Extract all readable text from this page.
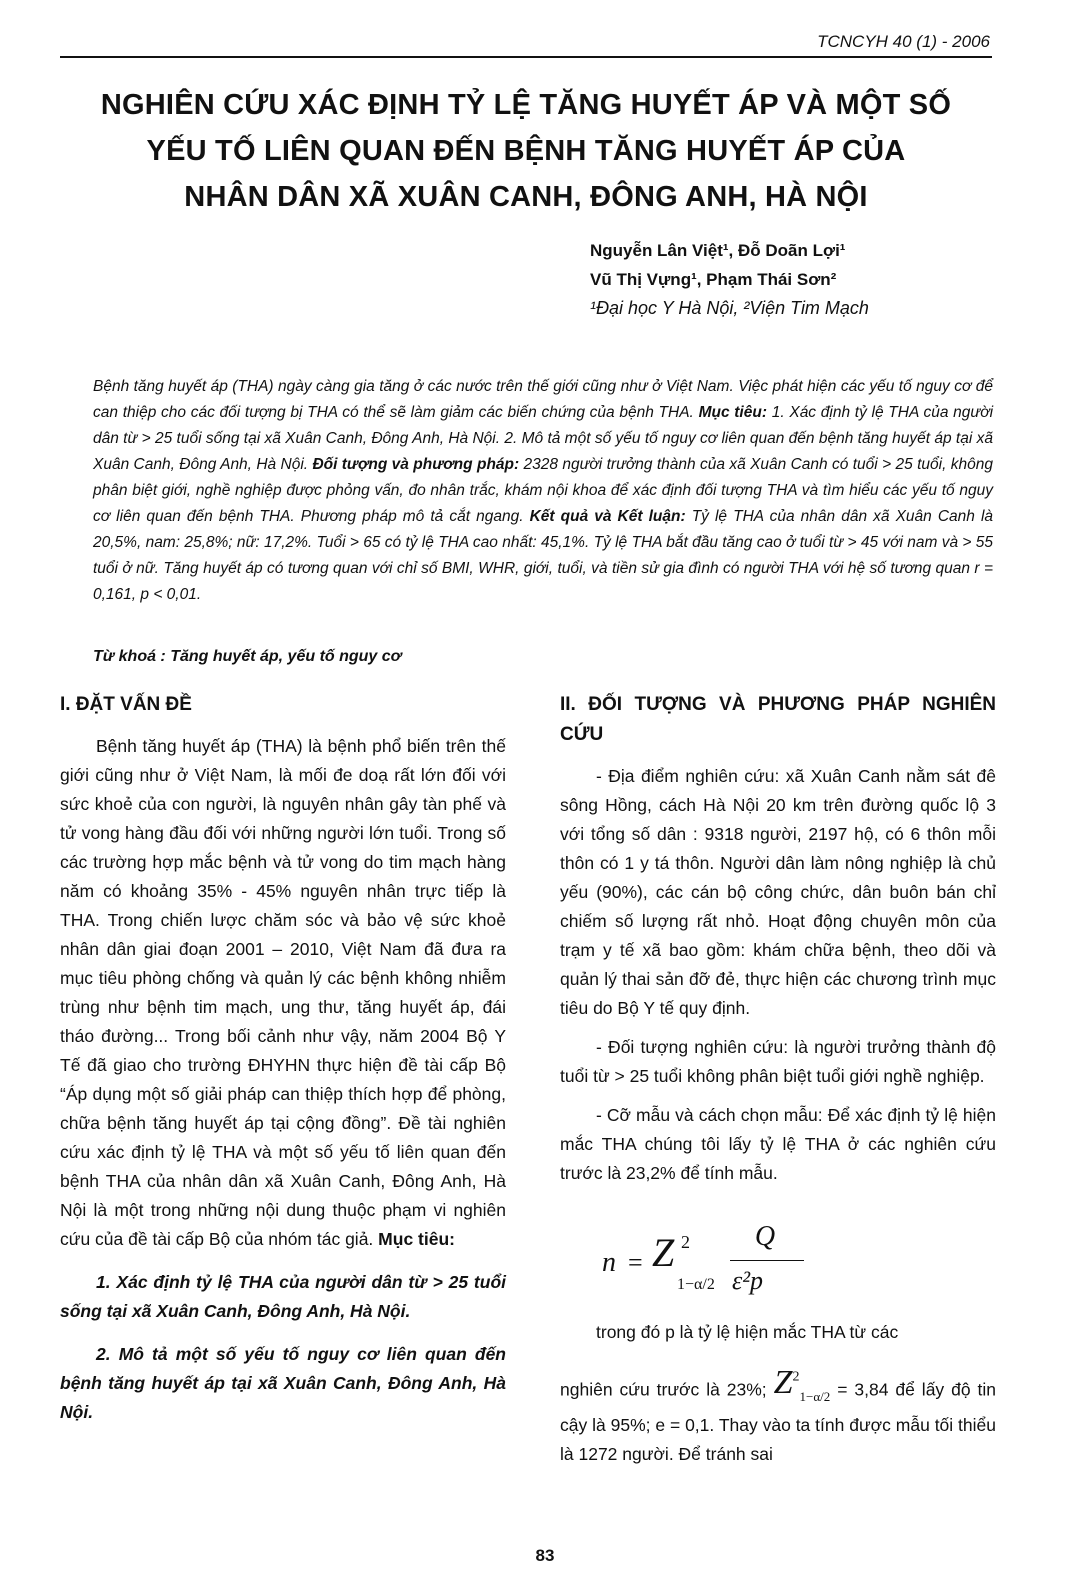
TCNCYH 40 (1) - 2006
NGHIÊN CỨU XÁC ĐỊNH TỶ LỆ TĂNG HUYẾT ÁP VÀ MỘT SỐ
YẾU TỐ LIÊN QUAN ĐẾN BỆNH TĂNG HUYẾT ÁP CỦA
NHÂN DÂN XÃ XUÂN CANH, ĐÔNG ANH, HÀ NỘI
Nguyễn Lân Việt¹, Đỗ Doãn Lợi¹
Vũ Thị Vựng¹, Phạm Thái Sơn²
¹Đại học Y Hà Nội, ²Viện Tim Mạch
Bệnh tăng huyết áp (THA) ngày càng gia tăng ở các nước trên thế giới cũng như ở Việt Nam. Việc phát hiện các yếu tố nguy cơ để can thiệp cho các đối tượng bị THA có thể sẽ làm giảm các biến chứng của bệnh THA. Mục tiêu: 1. Xác định tỷ lệ THA của người dân từ > 25 tuổi sống tại xã Xuân Canh, Đông Anh, Hà Nội. 2. Mô tả một số yếu tố nguy cơ liên quan đến bệnh tăng huyết áp tại xã Xuân Canh, Đông Anh, Hà Nội. Đối tượng và phương pháp: 2328 người trưởng thành của xã Xuân Canh có tuổi > 25 tuổi, không phân biệt giới, nghề nghiệp được phỏng vấn, đo nhân trắc, khám nội khoa để xác định đối tượng THA và tìm hiểu các yếu tố nguy cơ liên quan đến bệnh THA. Phương pháp mô tả cắt ngang. Kết quả và Kết luận: Tỷ lệ THA của nhân dân xã Xuân Canh là 20,5%, nam: 25,8%; nữ: 17,2%. Tuổi > 65 có tỷ lệ THA cao nhất: 45,1%. Tỷ lệ THA bắt đầu tăng cao ở tuổi từ > 45 với nam và > 55 tuổi ở nữ. Tăng huyết áp có tương quan với chỉ số BMI, WHR, giới, tuổi, và tiền sử gia đình có người THA với hệ số tương quan r = 0,161, p < 0,01.
Từ khoá : Tăng huyết áp, yếu tố nguy cơ
I. ĐẶT VẤN ĐỀ

Bệnh tăng huyết áp (THA) là bệnh phổ biến trên thế giới cũng như ở Việt Nam, là mối đe doạ rất lớn đối với sức khoẻ của con người, là nguyên nhân gây tàn phế và tử vong hàng đầu đối với những người lớn tuổi. Trong số các trường hợp mắc bệnh và tử vong do tim mạch hàng năm có khoảng 35% - 45% nguyên nhân trực tiếp là THA. Trong chiến lược chăm sóc và bảo vệ sức khoẻ nhân dân giai đoạn 2001 – 2010, Việt Nam đã đưa ra mục tiêu phòng chống và quản lý các bệnh không nhiễm trùng như bệnh tim mạch, ung thư, tăng huyết áp, đái tháo đường... Trong bối cảnh như vậy, năm 2004 Bộ Y Tế đã giao cho trường ĐHYHN thực hiện đề tài cấp Bộ “Áp dụng một số giải pháp can thiệp thích hợp để phòng, chữa bệnh tăng huyết áp tại cộng đồng”. Đề tài nghiên cứu xác định tỷ lệ THA và một số yếu tố liên quan đến bệnh THA của nhân dân xã Xuân Canh, Đông Anh, Hà Nội là một trong những nội dung thuộc phạm vi nghiên cứu của đề tài cấp Bộ của nhóm tác giả. Mục tiêu:

1. Xác định tỷ lệ THA của người dân từ > 25 tuổi sống tại xã Xuân Canh, Đông Anh, Hà Nội.

2. Mô tả một số yếu tố nguy cơ liên quan đến bệnh tăng huyết áp tại xã Xuân Canh, Đông Anh, Hà Nội.

II. ĐỐI TƯỢNG VÀ PHƯƠNG PHÁP NGHIÊN CỨU

- Địa điểm nghiên cứu: xã Xuân Canh nằm sát đê sông Hồng, cách Hà Nội 20 km trên đường quốc lộ 3 với tổng số dân : 9318 người, 2197 hộ, có 6 thôn mỗi thôn có 1 y tá thôn. Người dân làm nông nghiệp là chủ yếu (90%), các cán bộ công chức, dân buôn bán chỉ chiếm số lượng rất nhỏ. Hoạt động chuyên môn của trạm y tế xã bao gồm: khám chữa bệnh, theo dõi và quản lý thai sản đỡ đẻ, thực hiện các chương trình mục tiêu do Bộ Y tế quy định.

- Đối tượng nghiên cứu: là người trưởng thành độ tuổi từ > 25 tuổi không phân biệt tuổi giới nghề nghiệp.

- Cỡ mẫu và cách chọn mẫu: Để xác định tỷ lệ hiện mắc THA chúng tôi lấy tỷ lệ THA ở các nghiên cứu trước là 23,2% để tính mẫu.

n = Z 2
1−α/2
Q
ε²p

trong đó p là tỷ lệ hiện mắc THA từ các

nghiên cứu trước là 23%; $Z^2_{1-\alpha/2} = 3,84$ để lấy độ tin cậy là 95%; e = 0,1. Thay vào ta tính được mẫu tối thiểu là 1272 người. Để tránh sai

83
